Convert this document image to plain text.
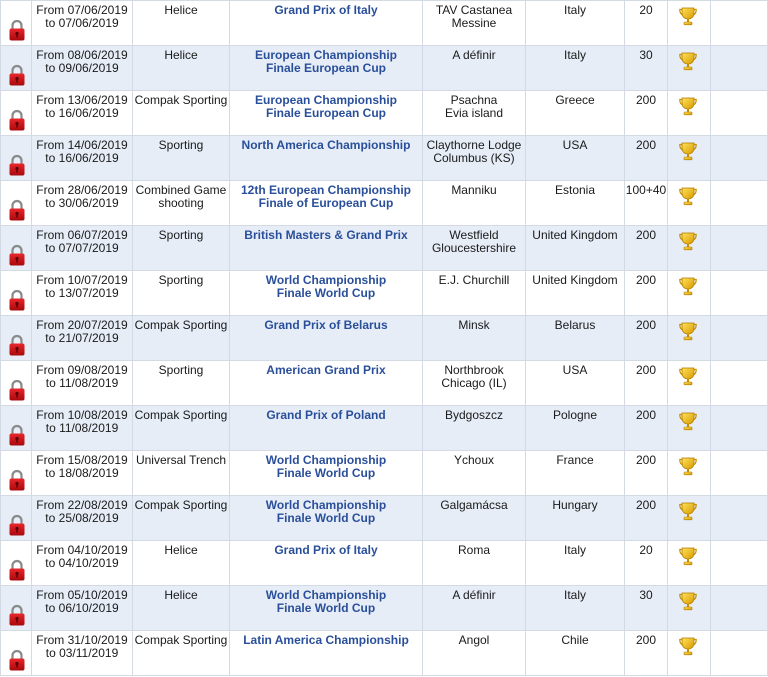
From 07/06/2019
to 07/06/2019	Helice	Grand Prix of Italy	TAV Castanea
Messine	Italy	20

From 08/06/2019
to 09/06/2019	Helice	European Championship
Finale European Cup	A définir	Italy	30

From 13/06/2019
to 16/06/2019	Compak Sporting	European Championship
Finale European Cup	Psachna
Evia island	Greece	200

From 14/06/2019
to 16/06/2019	Sporting	North America Championship	Claythorne Lodge
Columbus (KS)	USA	200

From 28/06/2019
to 30/06/2019	Combined Game
shooting	12th European Championship
Finale of European Cup	Manniku	Estonia	100+40

From 06/07/2019
to 07/07/2019	Sporting	British Masters & Grand Prix	Westfield
Gloucestershire	United Kingdom	200

From 10/07/2019
to 13/07/2019	Sporting	World Championship
Finale World Cup	E.J. Churchill	United Kingdom	200

From 20/07/2019
to 21/07/2019	Compak Sporting	Grand Prix of Belarus	Minsk	Belarus	200

From 09/08/2019
to 11/08/2019	Sporting	American Grand Prix	Northbrook
Chicago (IL)	USA	200

From 10/08/2019
to 11/08/2019	Compak Sporting	Grand Prix of Poland	Bydgoszcz	Pologne	200

From 15/08/2019
to 18/08/2019	Universal Trench	World Championship
Finale World Cup	Ychoux	France	200

From 22/08/2019
to 25/08/2019	Compak Sporting	World Championship
Finale World Cup	Galgamácsa	Hungary	200

From 04/10/2019
to 04/10/2019	Helice	Grand Prix of Italy	Roma	Italy	20

From 05/10/2019
to 06/10/2019	Helice	World Championship
Finale World Cup	A définir	Italy	30

From 31/10/2019
to 03/11/2019	Compak Sporting	Latin America Championship	Angol	Chile	200
